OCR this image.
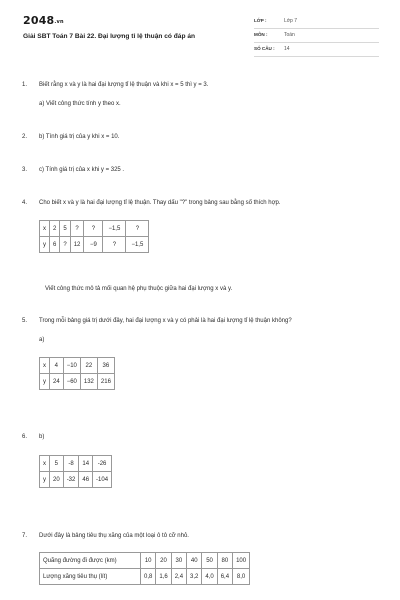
2048.vn
Giải SBT Toán 7 Bài 22. Đại lượng tỉ lệ thuận có đáp án
LỚP :	Lớp 7
MÔN :	Toán
SỐ CÂU : 14
1. Biết rằng x và y là hai đại lượng tỉ lệ thuận và khi x = 5 thì y = 3.
a) Viết công thức tính y theo x.
2. b) Tính giá trị của y khi x = 10.
3. c) Tính giá trị của x khi y = 325 .
4. Cho biết x và y là hai đại lượng tỉ lệ thuận. Thay dấu "?" trong bảng sau bằng số thích hợp.
x	2	5	?	?	−1,5	?
y	6	?	12	−9	?	−1,5
Viết công thức mô tả mối quan hệ phụ thuộc giữa hai đại lượng x và y.
5. Trong mỗi bảng giá trị dưới đây, hai đại lượng x và y có phải là hai đại lượng tỉ lệ thuận không?
a)
x	4	−10	22	36
y	24	−60	132	216
6. b)
x	5	-8	14	-26
y	20	-32	46	-104
7. Dưới đây là bảng tiêu thụ xăng của một loại ô tô cỡ nhỏ.
Quãng đường đi được (km)	10	20	30	40	50	80	100
Lượng xăng tiêu thụ (lít)	0,8	1,6	2,4	3,2	4,0	6,4	8,0
